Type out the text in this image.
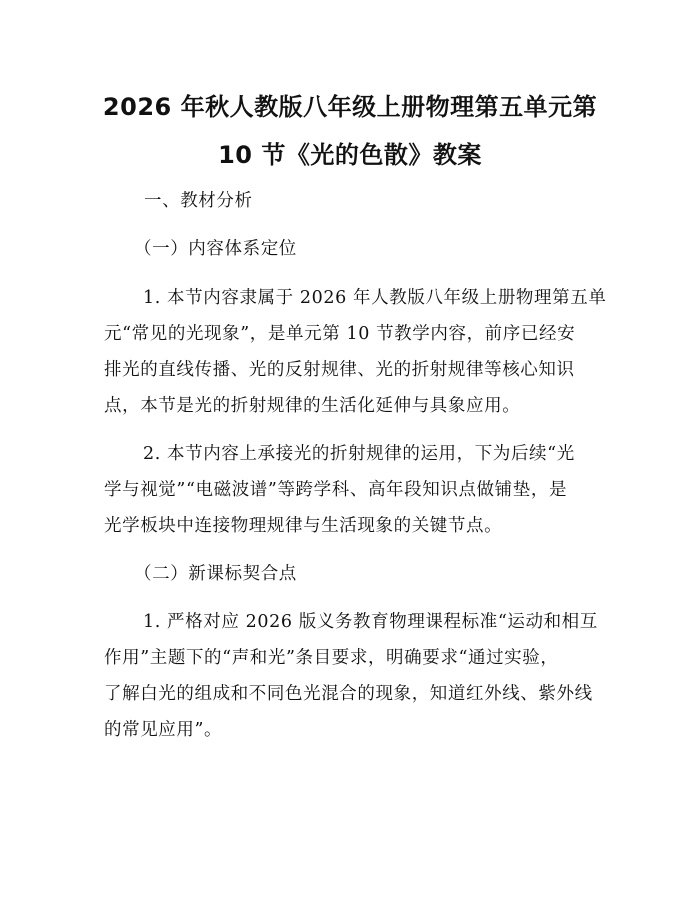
2026 年秋人教版八年级上册物理第五单元第
10 节《光的色散》教案

一、教材分析

（一）内容体系定位

1. 本节内容隶属于 2026 年人教版八年级上册物理第五单

元“常见的光现象”，是单元第 10 节教学内容，前序已经安

排光的直线传播、光的反射规律、光的折射规律等核心知识

点，本节是光的折射规律的生活化延伸与具象应用。

2. 本节内容上承接光的折射规律的运用，下为后续“光

学与视觉”“电磁波谱”等跨学科、高年段知识点做铺垫，是

光学板块中连接物理规律与生活现象的关键节点。

（二）新课标契合点

1. 严格对应 2026 版义务教育物理课程标准“运动和相互

作用”主题下的“声和光”条目要求，明确要求“通过实验，

了解白光的组成和不同色光混合的现象，知道红外线、紫外线

的常见应用”。
